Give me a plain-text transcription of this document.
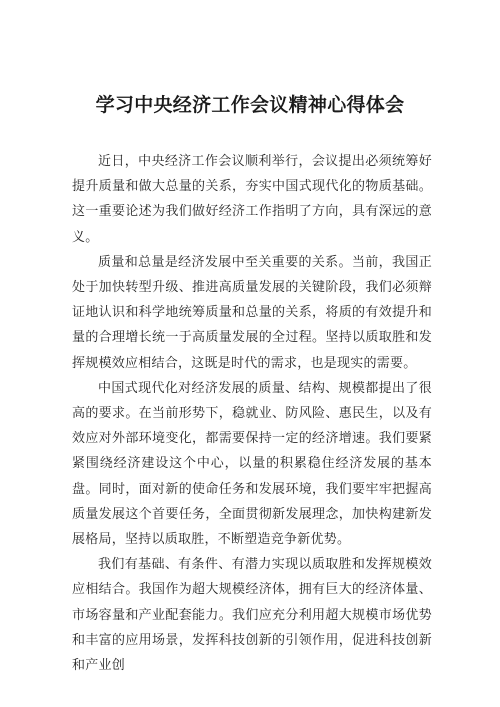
学习中央经济工作会议精神心得体会

近日，中央经济工作会议顺利举行，会议提出必须统筹好提升质量和做大总量的关系，夯实中国式现代化的物质基础。这一重要论述为我们做好经济工作指明了方向，具有深远的意义。

质量和总量是经济发展中至关重要的关系。当前，我国正处于加快转型升级、推进高质量发展的关键阶段，我们必须辩证地认识和科学地统筹质量和总量的关系，将质的有效提升和量的合理增长统一于高质量发展的全过程。坚持以质取胜和发挥规模效应相结合，这既是时代的需求，也是现实的需要。

中国式现代化对经济发展的质量、结构、规模都提出了很高的要求。在当前形势下，稳就业、防风险、惠民生，以及有效应对外部环境变化，都需要保持一定的经济增速。我们要紧紧围绕经济建设这个中心，以量的积累稳住经济发展的基本盘。同时，面对新的使命任务和发展环境，我们要牢牢把握高质量发展这个首要任务，全面贯彻新发展理念，加快构建新发展格局，坚持以质取胜，不断塑造竞争新优势。

我们有基础、有条件、有潜力实现以质取胜和发挥规模效应相结合。我国作为超大规模经济体，拥有巨大的经济体量、市场容量和产业配套能力。我们应充分利用超大规模市场优势和丰富的应用场景，发挥科技创新的引领作用，促进科技创新和产业创
